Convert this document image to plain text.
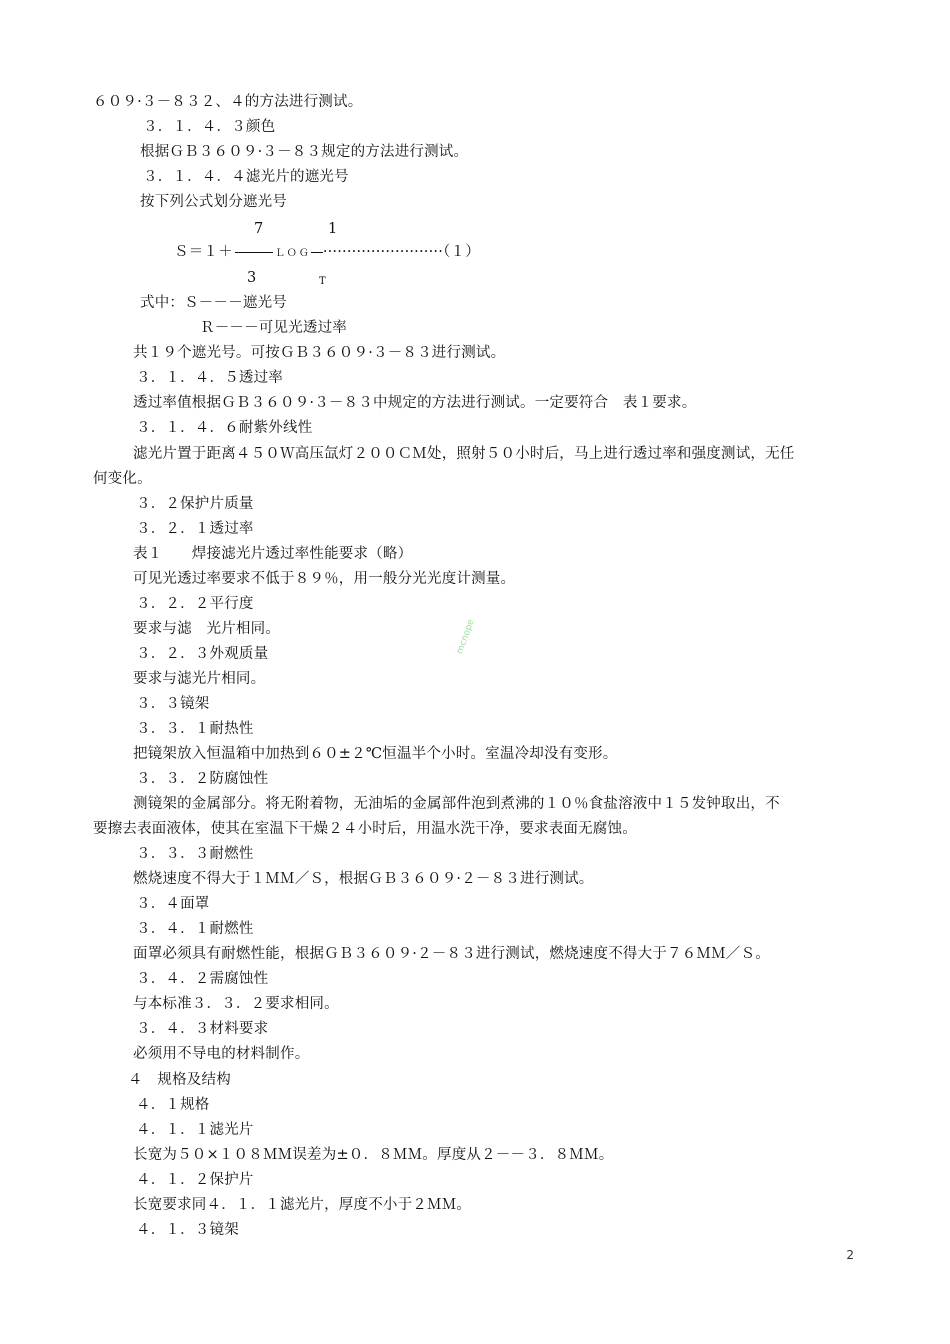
６０９·３－８３２、４的方法进行测试。
３．１．４．３颜色
根据ＧＢ３６０９·３－８３规定的方法进行测试。
３．１．４．４滤光片的遮光号
按下列公式划分遮光号
7	1
Ｓ＝１＋	ＬＯＧ ·························（１）
3	T
式中：Ｓ－－－遮光号
Ｒ－－－可见光透过率
共１９个遮光号。可按ＧＢ３６０９·３－８３进行测试。
３．１．４．５透过率
透过率值根据ＧＢ３６０９·３－８３中规定的方法进行测试。一定要符合　表１要求。
３．１．４．６耐紫外线性
滤光片置于距离４５０Ｗ高压氙灯２００ＣＭ处，照射５０小时后，马上进行透过率和强度测试，无任
何变化。
３．２保护片质量
３．２．１透过率
表１　　焊接滤光片透过率性能要求（略）
可见光透过率要求不低于８９％，用一般分光光度计测量。
３．２．２平行度
要求与滤　光片相同。
３．２．３外观质量
要求与滤光片相同。
３．３镜架
３．３．１耐热性
把镜架放入恒温箱中加热到６０±２℃恒温半个小时。室温冷却没有变形。
３．３．２防腐蚀性
测镜架的金属部分。将无附着物，无油垢的金属部件泡到煮沸的１０％食盐溶液中１５发钟取出，不
要擦去表面液体，使其在室温下干燥２４小时后，用温水洗干净，要求表面无腐蚀。
３．３．３耐燃性
燃烧速度不得大于１ＭＭ／Ｓ，根据ＧＢ３６０９·２－８３进行测试。
３．４面罩
３．４．１耐燃性
面罩必须具有耐燃性能，根据ＧＢ３６０９·２－８３进行测试，燃烧速度不得大于７６ＭＭ／Ｓ。
３．４．２需腐蚀性
与本标准３．３．２要求相同。
３．４．３材料要求
必须用不导电的材料制作。
４　规格及结构
４．１规格
４．１．１滤光片
长宽为５０×１０８ＭＭ误差为±０．８ＭＭ。厚度从２－－３．８ＭＭ。
４．１．２保护片
长宽要求同４．１．１滤光片，厚度不小于２ＭＭ。
４．１．３镜架
mcnope
2
